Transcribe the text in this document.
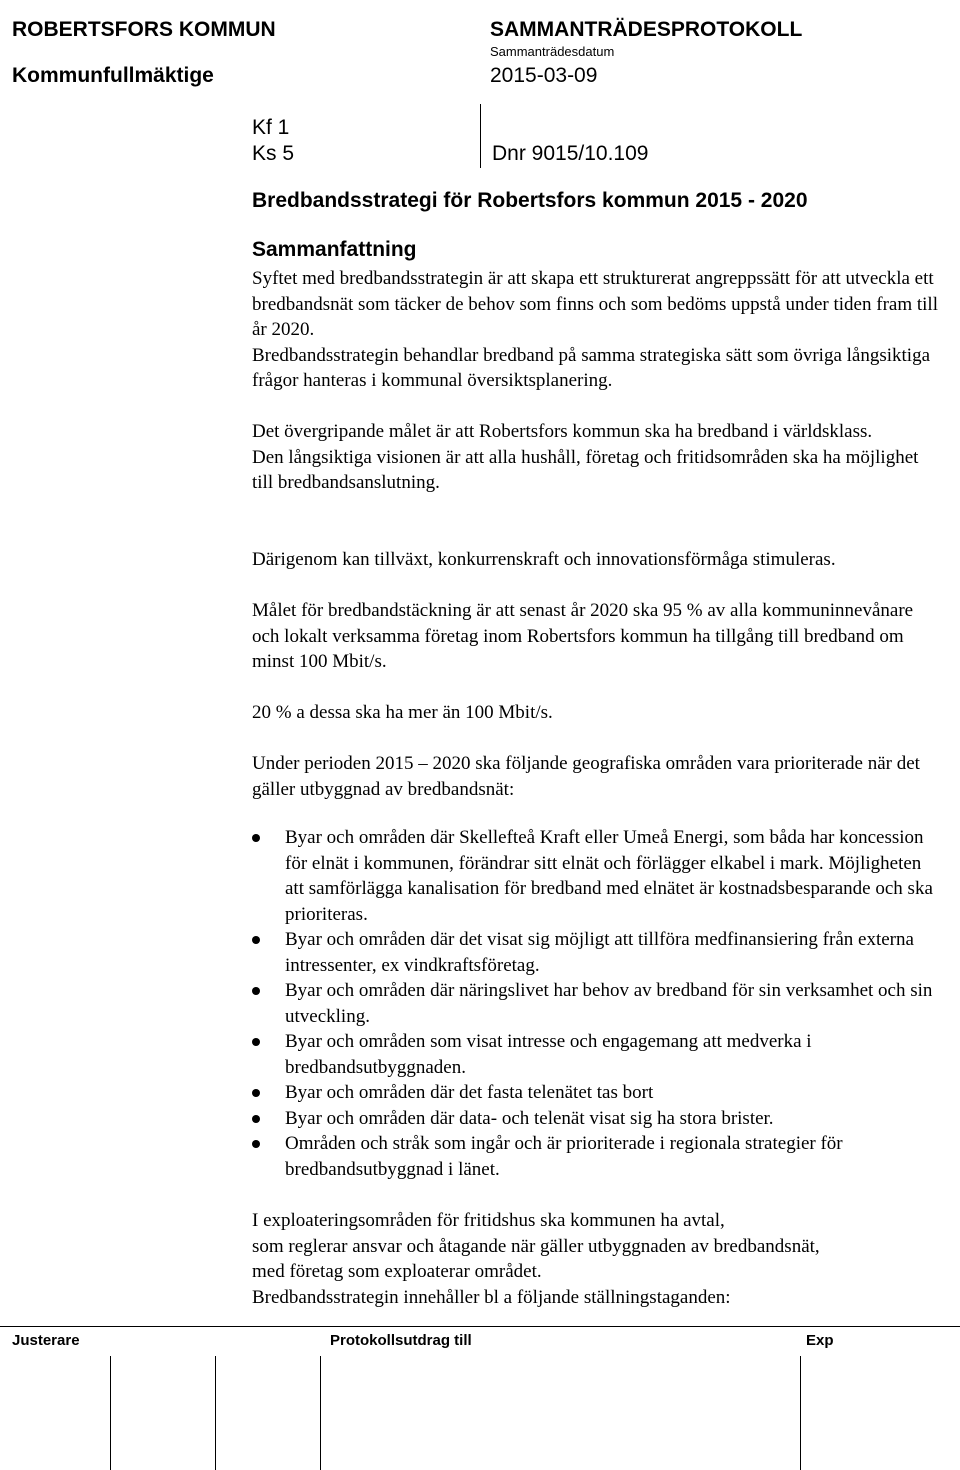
ROBERTSFORS KOMMUN
Kommunfullmäktige
SAMMANTRÄDESPROTOKOLL
Sammanträdesdatum
2015-03-09
Kf 1
Ks 5	Dnr 9015/10.109
Bredbandsstrategi för Robertsfors kommun 2015 - 2020
Sammanfattning

Syftet med bredbandsstrategin är att skapa ett strukturerat angreppssätt för att utveckla ett bredbandsnät som täcker de behov som finns och som bedöms uppstå under tiden fram till år 2020.

Bredbandsstrategin behandlar bredband på samma strategiska sätt som övriga långsiktiga frågor hanteras i kommunal översiktsplanering.

Det övergripande målet är att Robertsfors kommun ska ha bredband i världsklass.

Den långsiktiga visionen är att alla hushåll, företag och fritidsområden ska ha möjlighet till bredbandsanslutning.

Därigenom kan tillväxt, konkurrenskraft och innovationsförmåga stimuleras.
Målet för bredbandstäckning är att senast år 2020 ska 95 % av alla kommuninnevånare och lokalt verksamma företag inom Robertsfors kommun ha tillgång till bredband om minst 100 Mbit/s.
20 % a dessa ska ha mer än 100 Mbit/s.
Under perioden 2015 – 2020 ska följande geografiska områden vara prioriterade när det gäller utbyggnad av bredbandsnät:
Byar och områden där Skellefteå Kraft eller Umeå Energi, som båda har koncession för elnät i kommunen, förändrar sitt elnät och förlägger elkabel i mark. Möjligheten att samförlägga kanalisation för bredband med elnätet är kostnadsbesparande och ska prioriteras.
Byar och områden där det visat sig möjligt att tillföra medfinansiering från externa intressenter, ex vindkraftsföretag.
Byar och områden där näringslivet har behov av bredband för sin verksamhet och sin utveckling.
Byar och områden som visat intresse och engagemang att medverka i bredbandsutbyggnaden.
Byar och områden där det fasta telenätet tas bort
Byar och områden där data- och telenät visat sig ha stora brister.
Områden och stråk som ingår och är prioriterade i regionala strategier för bredbandsutbyggnad i länet.

I exploateringsområden för fritidshus ska kommunen ha avtal,

som reglerar ansvar och åtagande när gäller utbyggnaden av bredbandsnät,

med företag som exploaterar området.

Bredbandsstrategin innehåller bl a följande ställningstaganden:

Justerare	Protokollsutdrag till	Exp
